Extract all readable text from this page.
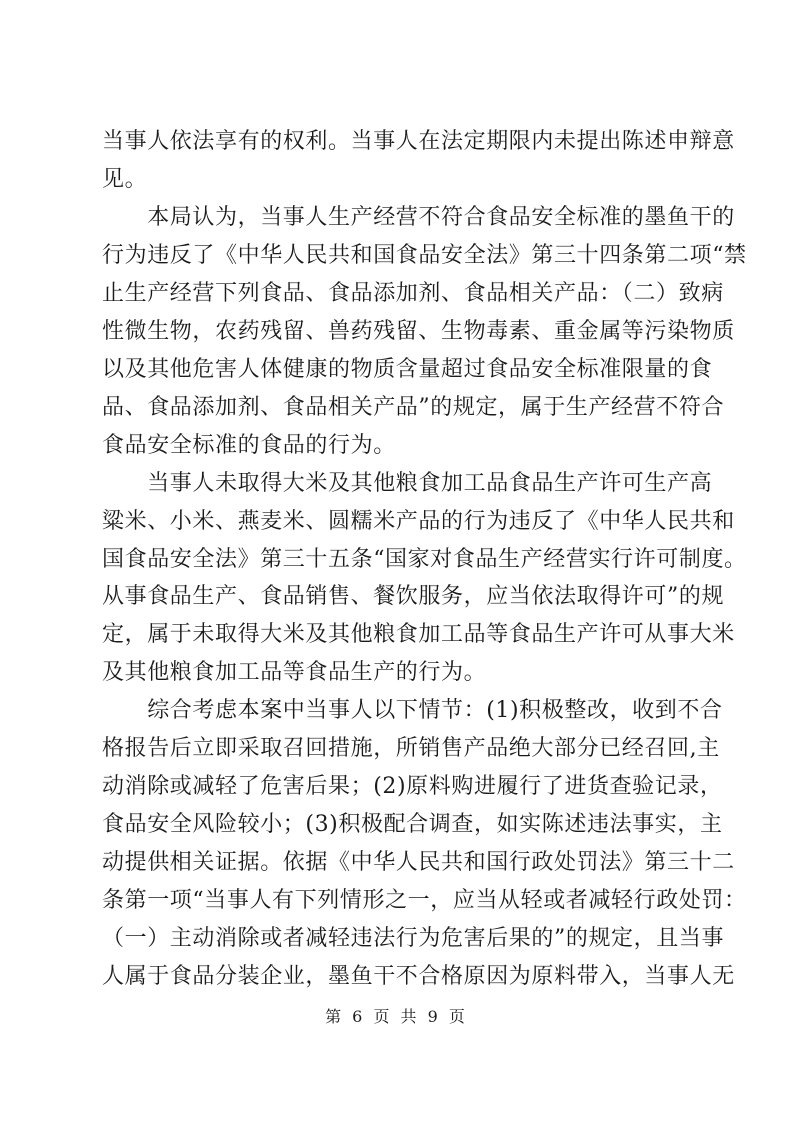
当事人依法享有的权利。当事人在法定期限内未提出陈述申辩意
见。
　　本局认为，当事人生产经营不符合食品安全标准的墨鱼干的
行为违反了《中华人民共和国食品安全法》第三十四条第二项“禁
止生产经营下列食品、食品添加剂、食品相关产品：（二）致病
性微生物，农药残留、兽药残留、生物毒素、重金属等污染物质
以及其他危害人体健康的物质含量超过食品安全标准限量的食
品、食品添加剂、食品相关产品”的规定，属于生产经营不符合
食品安全标准的食品的行为。
　　当事人未取得大米及其他粮食加工品食品生产许可生产高
粱米、小米、燕麦米、圆糯米产品的行为违反了《中华人民共和
国食品安全法》第三十五条“国家对食品生产经营实行许可制度。
从事食品生产、食品销售、餐饮服务，应当依法取得许可”的规
定，属于未取得大米及其他粮食加工品等食品生产许可从事大米
及其他粮食加工品等食品生产的行为。
　　综合考虑本案中当事人以下情节：(1)积极整改，收到不合
格报告后立即采取召回措施，所销售产品绝大部分已经召回,主
动消除或减轻了危害后果；(2)原料购进履行了进货查验记录，
食品安全风险较小；(3)积极配合调查，如实陈述违法事实，主
动提供相关证据。依据《中华人民共和国行政处罚法》第三十二
条第一项“当事人有下列情形之一，应当从轻或者减轻行政处罚：
（一）主动消除或者减轻违法行为危害后果的”的规定，且当事
人属于食品分装企业，墨鱼干不合格原因为原料带入，当事人无
第 6 页 共 9 页
